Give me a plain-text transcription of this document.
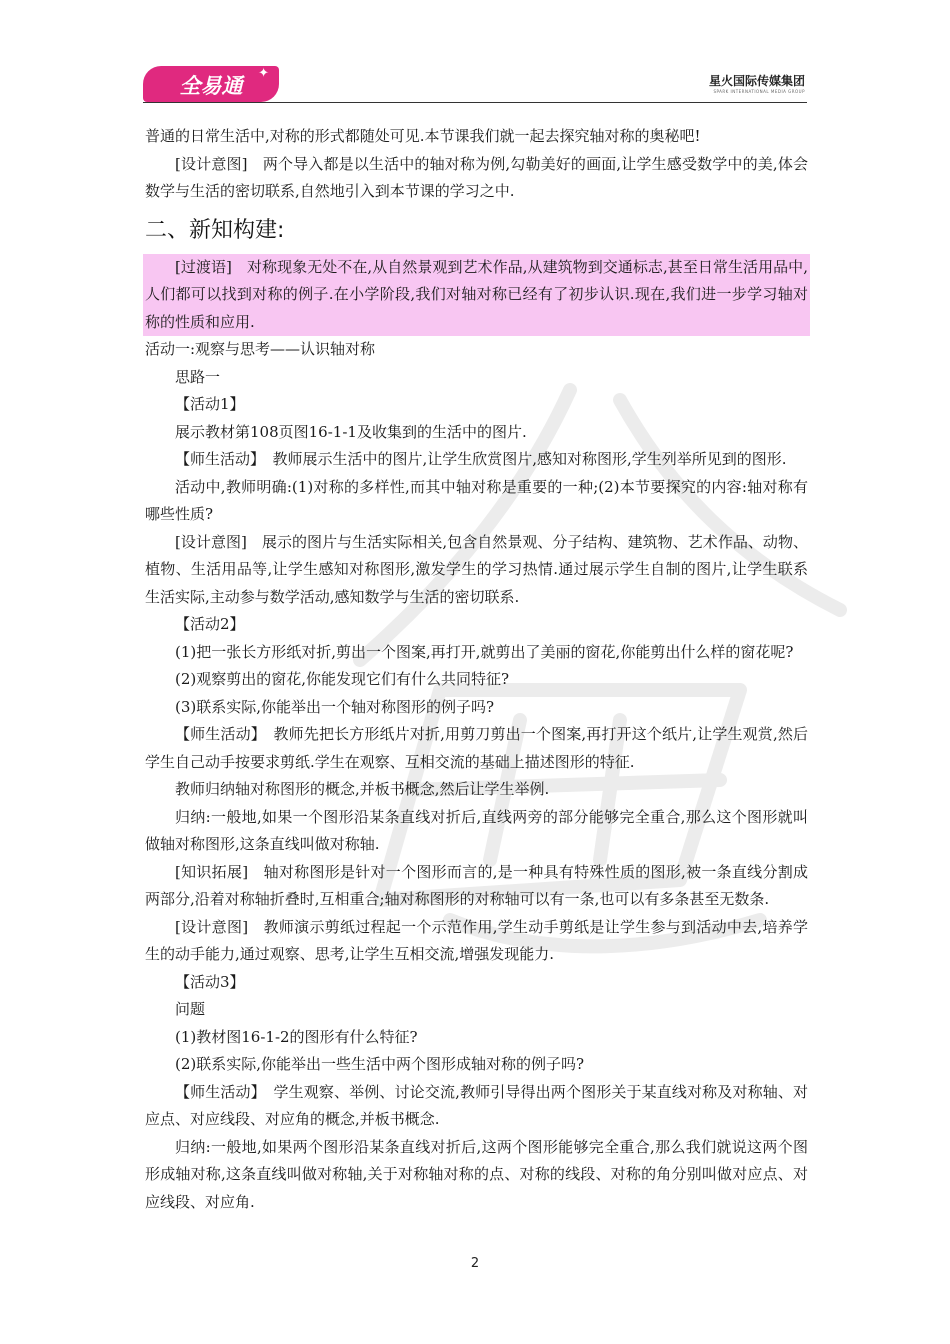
全易通
✦	星火国际传媒集团
SPARK INTERNATIONAL MEDIA GROUP

普通的日常生活中,对称的形式都随处可见.本节课我们就一起去探究轴对称的奥秘吧!

[设计意图]　两个导入都是以生活中的轴对称为例,勾勒美好的画面,让学生感受数学中的美,体会数学与生活的密切联系,自然地引入到本节课的学习之中.

二、新知构建:

[过渡语]　对称现象无处不在,从自然景观到艺术作品,从建筑物到交通标志,甚至日常生活用品中,人们都可以找到对称的例子.在小学阶段,我们对轴对称已经有了初步认识.现在,我们进一步学习轴对称的性质和应用.

活动一:观察与思考——认识轴对称

思路一

【活动1】

展示教材第108页图16-1-1及收集到的生活中的图片.

【师生活动】　教师展示生活中的图片,让学生欣赏图片,感知对称图形,学生列举所见到的图形.

活动中,教师明确:(1)对称的多样性,而其中轴对称是重要的一种;(2)本节要探究的内容:轴对称有哪些性质?

[设计意图]　展示的图片与生活实际相关,包含自然景观、分子结构、建筑物、艺术作品、动物、植物、生活用品等,让学生感知对称图形,激发学生的学习热情.通过展示学生自制的图片,让学生联系生活实际,主动参与数学活动,感知数学与生活的密切联系.

【活动2】

(1)把一张长方形纸对折,剪出一个图案,再打开,就剪出了美丽的窗花,你能剪出什么样的窗花呢?

(2)观察剪出的窗花,你能发现它们有什么共同特征?

(3)联系实际,你能举出一个轴对称图形的例子吗?

【师生活动】　教师先把长方形纸片对折,用剪刀剪出一个图案,再打开这个纸片,让学生观赏,然后学生自己动手按要求剪纸.学生在观察、互相交流的基础上描述图形的特征.

教师归纳轴对称图形的概念,并板书概念,然后让学生举例.

归纳:一般地,如果一个图形沿某条直线对折后,直线两旁的部分能够完全重合,那么这个图形就叫做轴对称图形,这条直线叫做对称轴.

[知识拓展]　轴对称图形是针对一个图形而言的,是一种具有特殊性质的图形,被一条直线分割成两部分,沿着对称轴折叠时,互相重合;轴对称图形的对称轴可以有一条,也可以有多条甚至无数条.

[设计意图]　教师演示剪纸过程起一个示范作用,学生动手剪纸是让学生参与到活动中去,培养学生的动手能力,通过观察、思考,让学生互相交流,增强发现能力.

【活动3】

问题

(1)教材图16-1-2的图形有什么特征?

(2)联系实际,你能举出一些生活中两个图形成轴对称的例子吗?

【师生活动】　学生观察、举例、讨论交流,教师引导得出两个图形关于某直线对称及对称轴、对应点、对应线段、对应角的概念,并板书概念.

归纳:一般地,如果两个图形沿某条直线对折后,这两个图形能够完全重合,那么我们就说这两个图形成轴对称,这条直线叫做对称轴,关于对称轴对称的点、对称的线段、对称的角分别叫做对应点、对应线段、对应角.

2
